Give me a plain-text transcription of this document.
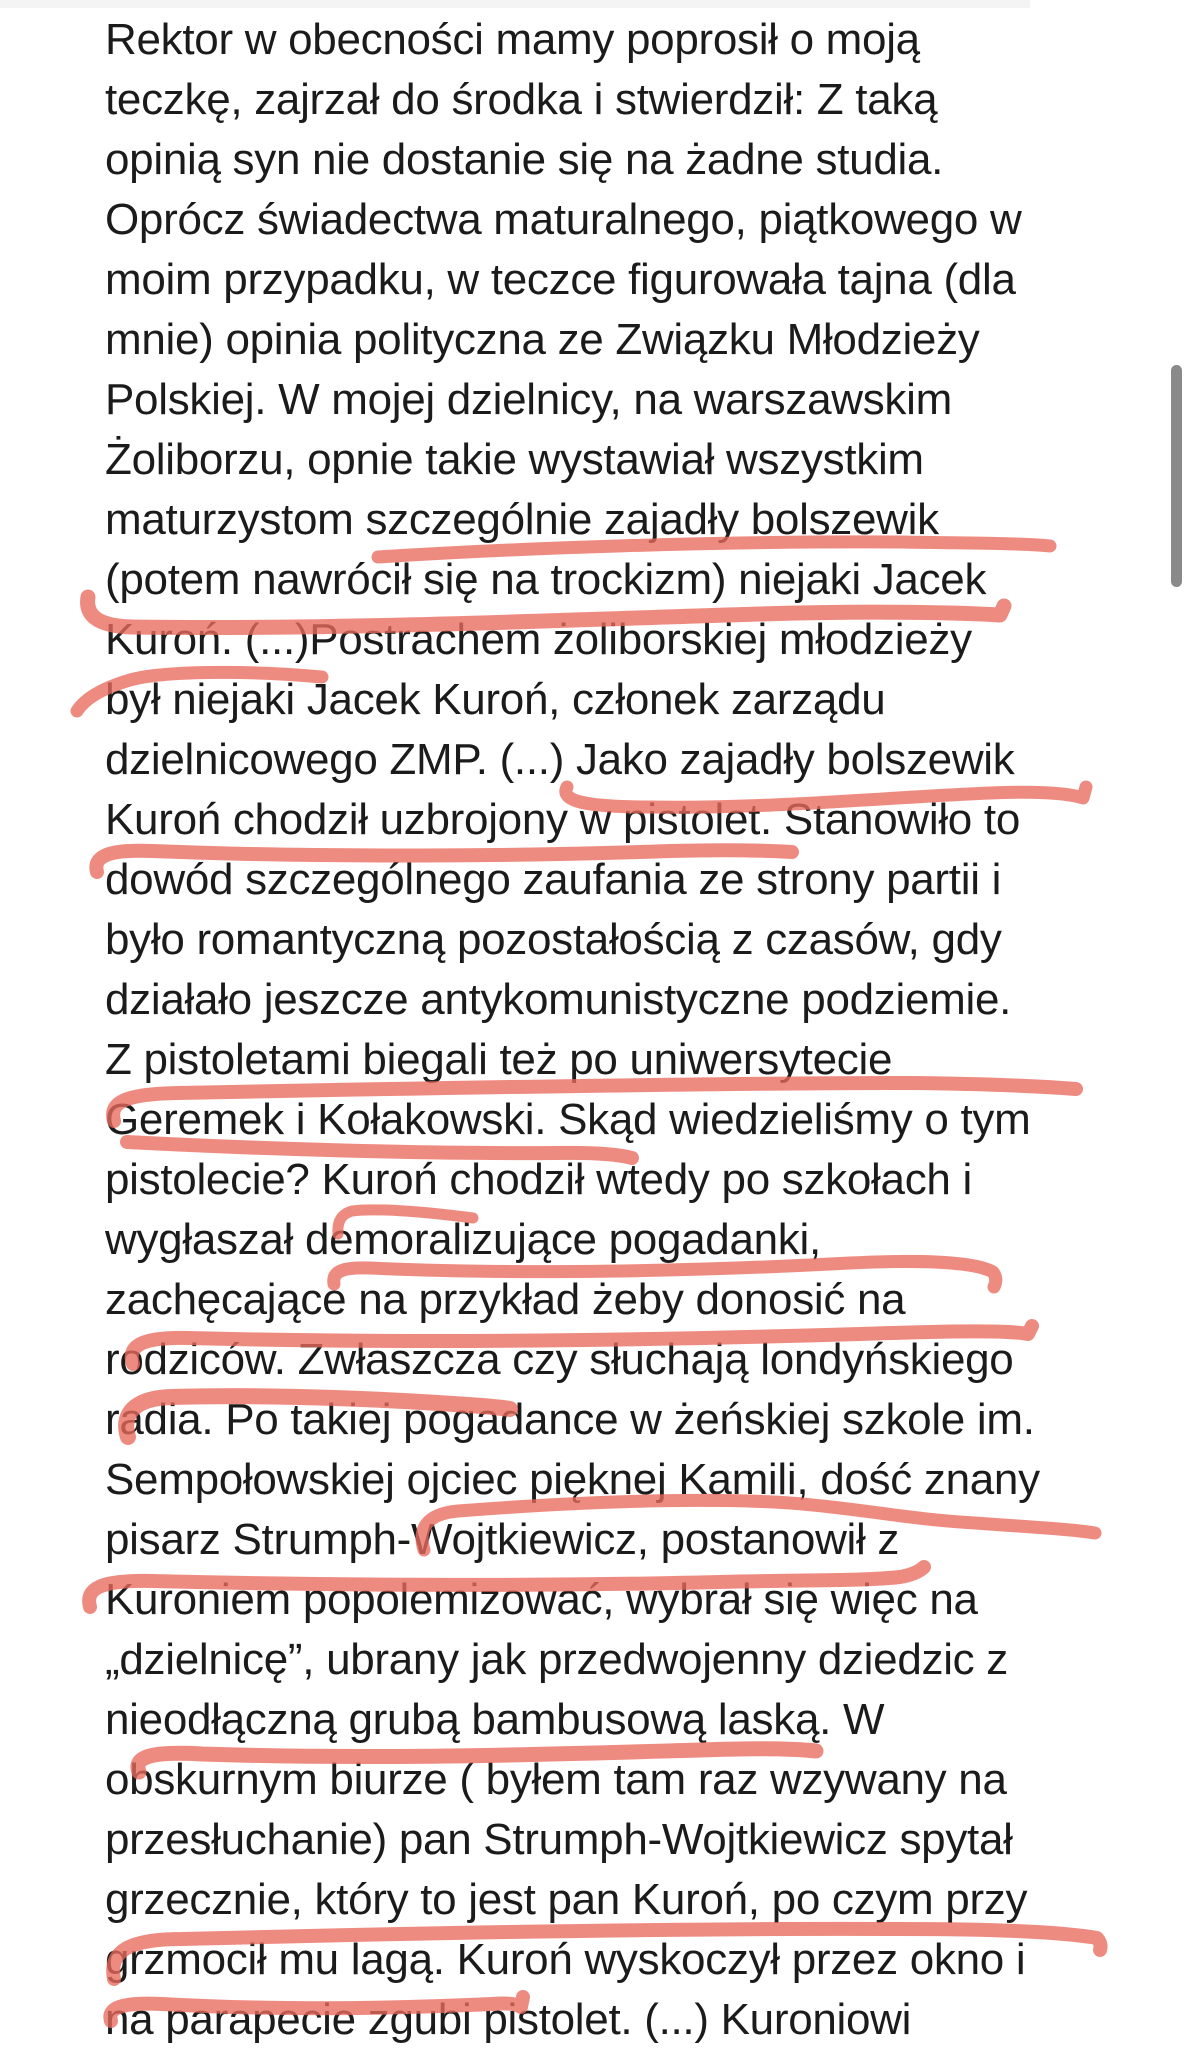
Rektor w obecności mamy poprosił o moją
teczkę, zajrzał do środka i stwierdził: Z taką
opinią syn nie dostanie się na żadne studia.
Oprócz świadectwa maturalnego, piątkowego w
moim przypadku, w teczce figurowała tajna (dla
mnie) opinia polityczna ze Związku Młodzieży
Polskiej. W mojej dzielnicy, na warszawskim
Żoliborzu, opnie takie wystawiał wszystkim
maturzystom szczególnie zajadły bolszewik
(potem nawrócił się na trockizm) niejaki Jacek
Kuroń. (...)Postrachem żoliborskiej młodzieży
był niejaki Jacek Kuroń, członek zarządu
dzielnicowego ZMP. (...) Jako zajadły bolszewik
Kuroń chodził uzbrojony w pistolet. Stanowiło to
dowód szczególnego zaufania ze strony partii i
było romantyczną pozostałością z czasów, gdy
działało jeszcze antykomunistyczne podziemie.
Z pistoletami biegali też po uniwersytecie
Geremek i Kołakowski. Skąd wiedzieliśmy o tym
pistolecie? Kuroń chodził wtedy po szkołach i
wygłaszał demoralizujące pogadanki,
zachęcające na przykład żeby donosić na
rodziców. Zwłaszcza czy słuchają londyńskiego
radia. Po takiej pogadance w żeńskiej szkole im.
Sempołowskiej ojciec pięknej Kamili, dość znany
pisarz Strumph-Wojtkiewicz, postanowił z
Kuroniem popolemizować, wybrał się więc na
„dzielnicę”, ubrany jak przedwojenny dziedzic z
nieodłączną grubą bambusową laską. W
obskurnym biurze ( byłem tam raz wzywany na
przesłuchanie) pan Strumph-Wojtkiewicz spytał
grzecznie, który to jest pan Kuroń, po czym przy
grzmocił mu lagą. Kuroń wyskoczył przez okno i
na parapecie zgubi pistolet. (...) Kuroniowi
